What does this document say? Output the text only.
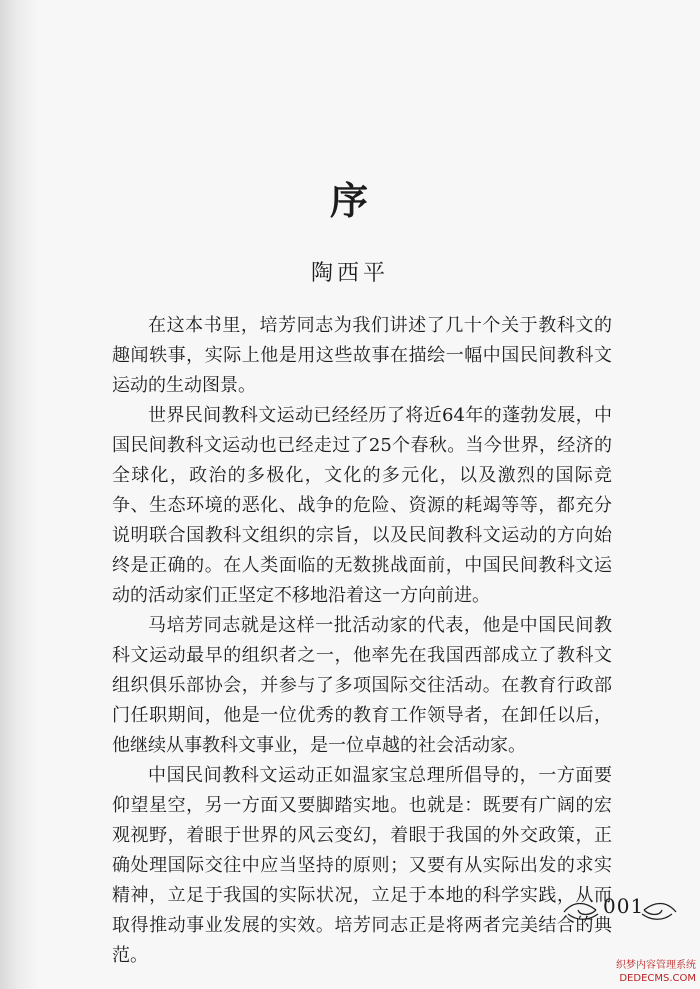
序
陶西平

在这本书里，培芳同志为我们讲述了几十个关于教科文的趣闻轶事，实际上他是用这些故事在描绘一幅中国民间教科文运动的生动图景。

世界民间教科文运动已经经历了将近64年的蓬勃发展，中国民间教科文运动也已经走过了25个春秋。当今世界，经济的全球化，政治的多极化，文化的多元化，以及激烈的国际竞争、生态环境的恶化、战争的危险、资源的耗竭等等，都充分说明联合国教科文组织的宗旨，以及民间教科文运动的方向始终是正确的。在人类面临的无数挑战面前，中国民间教科文运动的活动家们正坚定不移地沿着这一方向前进。

马培芳同志就是这样一批活动家的代表，他是中国民间教科文运动最早的组织者之一，他率先在我国西部成立了教科文组织俱乐部协会，并参与了多项国际交往活动。在教育行政部门任职期间，他是一位优秀的教育工作领导者，在卸任以后，他继续从事教科文事业，是一位卓越的社会活动家。

中国民间教科文运动正如温家宝总理所倡导的，一方面要仰望星空，另一方面又要脚踏实地。也就是：既要有广阔的宏观视野，着眼于世界的风云变幻，着眼于我国的外交政策，正确处理国际交往中应当坚持的原则；又要有从实际出发的求实精神，立足于我国的实际状况，立足于本地的科学实践，从而取得推动事业发展的实效。培芳同志正是将两者完美结合的典范。

001
织梦内容管理系统
DEDECMS.COM
